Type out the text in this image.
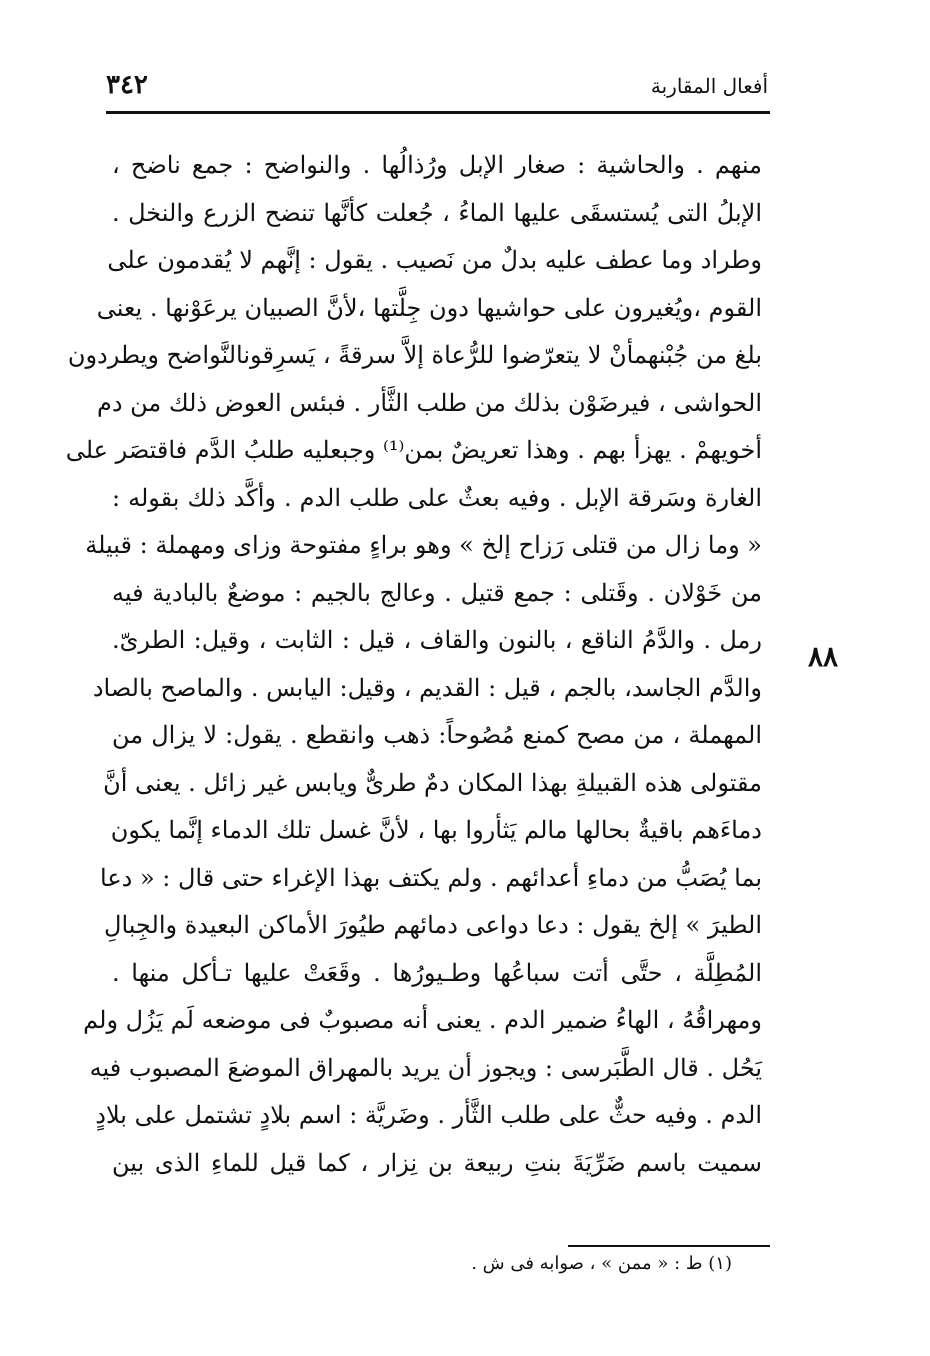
٣٤٢	أفعال المقاربة
٨٨
منهم . والحاشية : صغار الإبل ورُذالُها . والنواضح : جمع ناضح ،
الإبلُ التى يُستسقَى عليها الماءُ ، جُعلت كأنَّها تنضح الزرع والنخل .
وطراد وما عطف عليه بدلٌ من نَصيب . يقول : إنَّهم لا يُقدمون على
القوم ،ويُغيرون على حواشيها دون جِلَّتها ،لأنَّ الصبيان يرعَوْنها . يعنى
بلغ من جُبْنهمأنْ لا يتعرّضوا للرُّعاة إلاَّ سرقةً ، يَسرِقونالنَّواضح ويطردون
الحواشى ، فيرضَوْن بذلك من طلب الثَّأر . فبئس العوض ذلك من دم
أخويهمْ . يهزأ بهم . وهذا تعريضٌ بمن⁽¹⁾ وجبعليه طلبُ الدَّم فاقتصَر على
الغارة وسَرقة الإبل . وفيه بعثٌ على طلب الدم . وأكَّد ذلك بقوله :
« وما زال من قتلى رَزاح إلخ » وهو براءٍ مفتوحة وزاى ومهملة : قبيلة
من خَوْلان . وقَتلى : جمع قتيل . وعالج بالجيم : موضعٌ بالبادية فيه
رمل . والدَّمُ الناقع ، بالنون والقاف ، قيل : الثابت ، وقيل: الطرىّ.
والدَّم الجاسد، بالجم ، قيل : القديم ، وقيل: اليابس . والماصح بالصاد
المهملة ، من مصح كمنع مُصُوحاً: ذهب وانقطع . يقول: لا يزال من
مقتولى هذه القبيلةِ بهذا المكان دمٌ طرىٌّ ويابس غير زائل . يعنى أنَّ
دماءَهم باقيةٌ بحالها مالم يَثأروا بها ، لأنَّ غسل تلك الدماء إنَّما يكون
بما يُصَبُّ من دماءِ أعدائهم . ولم يكتف بهذا الإغراء حتى قال : « دعا
الطيرَ » إلخ يقول : دعا دواعى دمائهم طيُورَ الأماكن البعيدة والجِبالِ
المُطِلَّة ، حتَّى أتت سباعُها وطـيورُها . وقَعَتْ عليها تـأكل منها .
ومهراقُهُ ، الهاءُ ضمير الدم . يعنى أنه مصبوبٌ فى موضعه لَم يَزُل ولم
يَحُل . قال الطَّبَرسى : ويجوز أن يريد بالمهراق الموضعَ المصبوب فيه
الدم . وفيه حثٌّ على طلب الثَّأر . وضَريَّة : اسم بلادٍ تشتمل على بلادٍ
سميت باسم ضَرِّيَةَ بنتِ ربيعة بن نِزار ، كما قيل للماءِ الذى بين
(١) ط : « ممن » ، صوابه فى ش .
